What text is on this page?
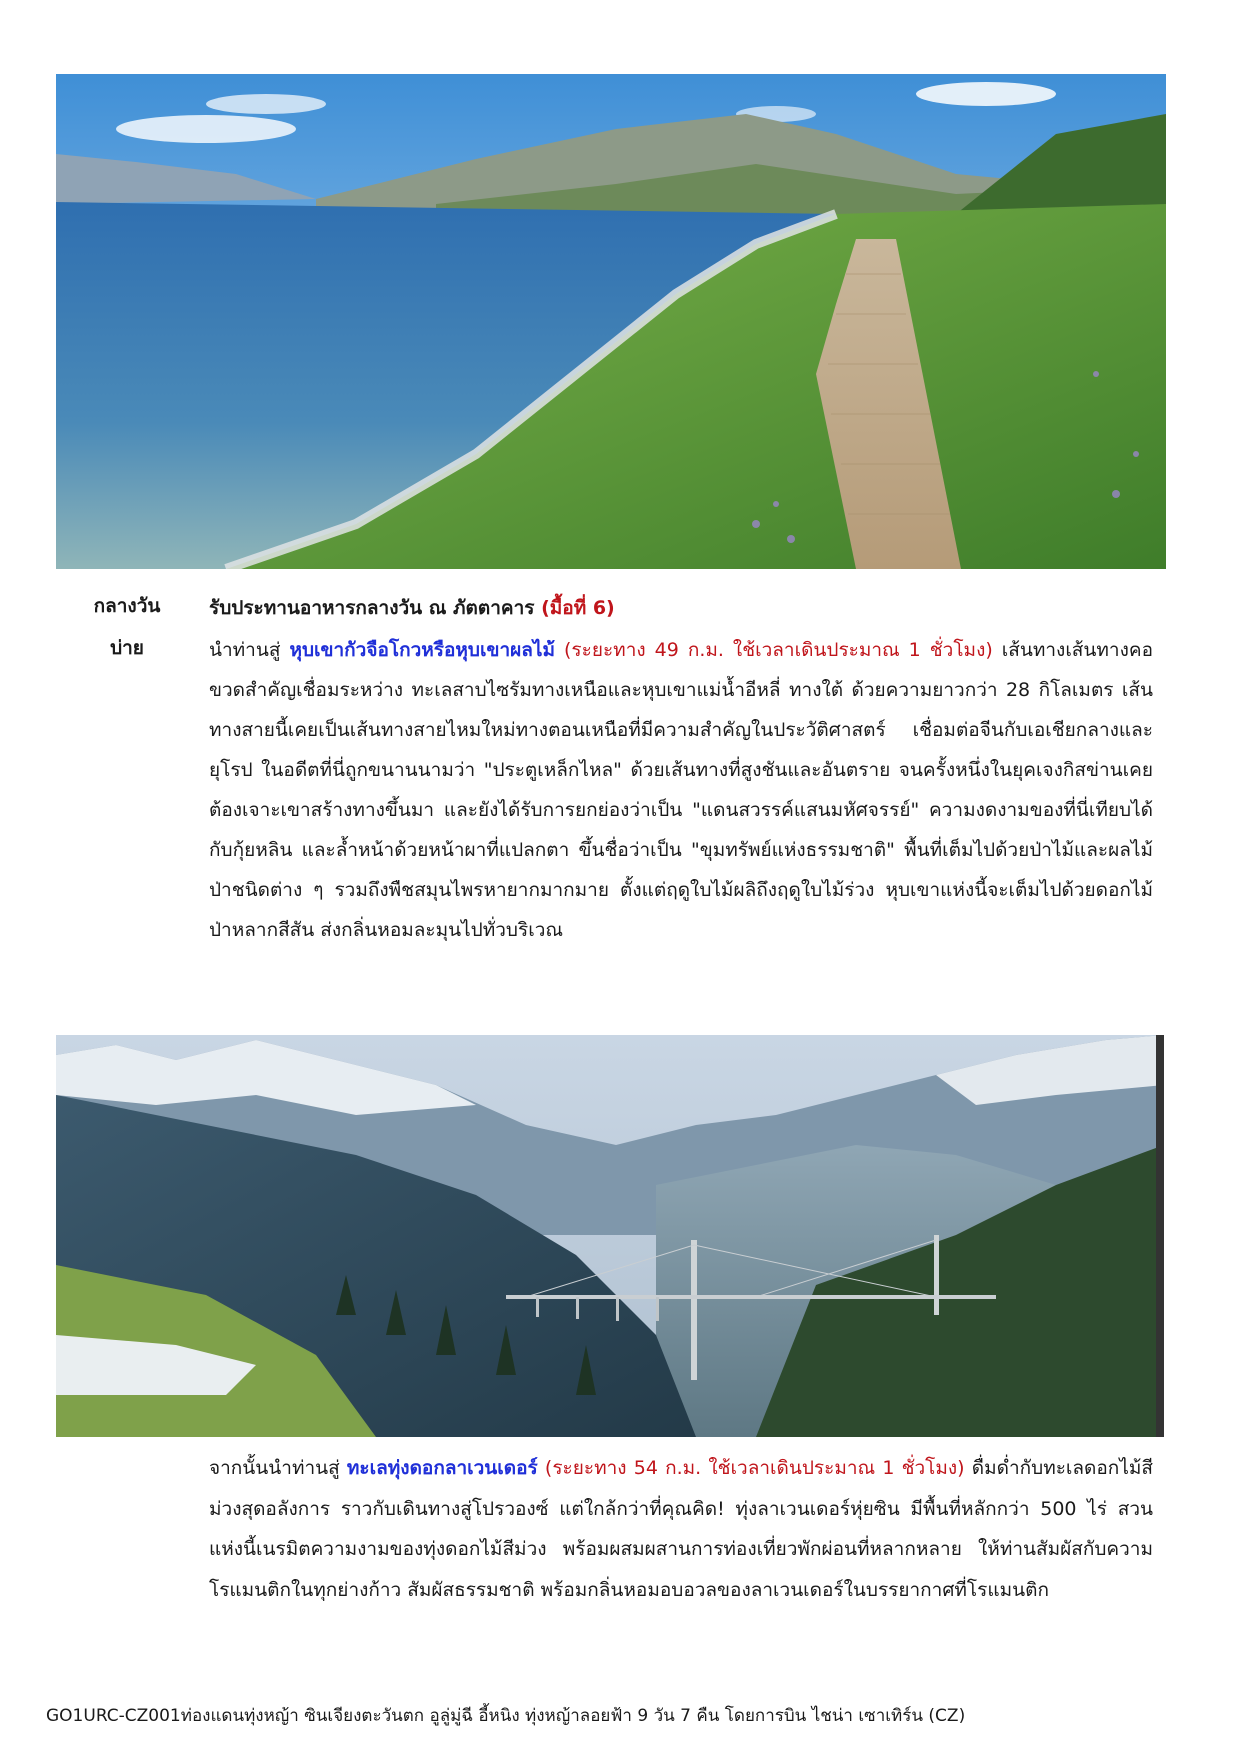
กลางวัน	รับประทานอาหารกลางวัน ณ ภัตตาคาร (มื้อที่ 6)
บ่าย	นำท่านสู่ หุบเขากัวจือโกวหรือหุบเขาผลไม้ (ระยะทาง 49 ก.ม. ใช้เวลาเดินประมาณ 1 ชั่วโมง) เส้นทางเส้นทางคอขวดสำคัญเชื่อมระหว่าง ทะเลสาบไซรัมทางเหนือและหุบเขาแม่น้ำอีหลี่ ทางใต้ ด้วยความยาวกว่า 28 กิโลเมตร เส้นทางสายนี้เคยเป็นเส้นทางสายไหมใหม่ทางตอนเหนือที่มีความสำคัญในประวัติศาสตร์ เชื่อมต่อจีนกับเอเชียกลางและยุโรป ในอดีตที่นี่ถูกขนานนามว่า "ประตูเหล็กไหล" ด้วยเส้นทางที่สูงชันและอันตราย จนครั้งหนึ่งในยุคเจงกิสข่านเคยต้องเจาะเขาสร้างทางขึ้นมา และยังได้รับการยกย่องว่าเป็น "แดนสวรรค์แสนมหัศจรรย์" ความงดงามของที่นี่เทียบได้กับกุ้ยหลิน และล้ำหน้าด้วยหน้าผาที่แปลกตา ขึ้นชื่อว่าเป็น "ขุมทรัพย์แห่งธรรมชาติ" พื้นที่เต็มไปด้วยป่าไม้และผลไม้ป่าชนิดต่าง ๆ รวมถึงพืชสมุนไพรหายากมากมาย ตั้งแต่ฤดูใบไม้ผลิถึงฤดูใบไม้ร่วง หุบเขาแห่งนี้จะเต็มไปด้วยดอกไม้ป่าหลากสีสัน ส่งกลิ่นหอมละมุนไปทั่วบริเวณ

จากนั้นนำท่านสู่ ทะเลทุ่งดอกลาเวนเดอร์ (ระยะทาง 54 ก.ม. ใช้เวลาเดินประมาณ 1 ชั่วโมง) ดื่มด่ำกับทะเลดอกไม้สีม่วงสุดอลังการ ราวกับเดินทางสู่โปรวองซ์ แต่ใกล้กว่าที่คุณคิด! ทุ่งลาเวนเดอร์หุ่ยซิน มีพื้นที่หลักกว่า 500 ไร่ สวนแห่งนี้เนรมิตความงามของทุ่งดอกไม้สีม่วง พร้อมผสมผสานการท่องเที่ยวพักผ่อนที่หลากหลาย ให้ท่านสัมผัสกับความโรแมนติกในทุกย่างก้าว สัมผัสธรรมชาติ พร้อมกลิ่นหอมอบอวลของลาเวนเดอร์ในบรรยากาศที่โรแมนติก

GO1URC-CZ001ท่องแดนทุ่งหญ้า ซินเจียงตะวันตก อูลู่มู่ฉี อี้หนิง ทุ่งหญ้าลอยฟ้า 9 วัน 7 คืน โดยการบิน ไชน่า เซาเทิร์น (CZ)
